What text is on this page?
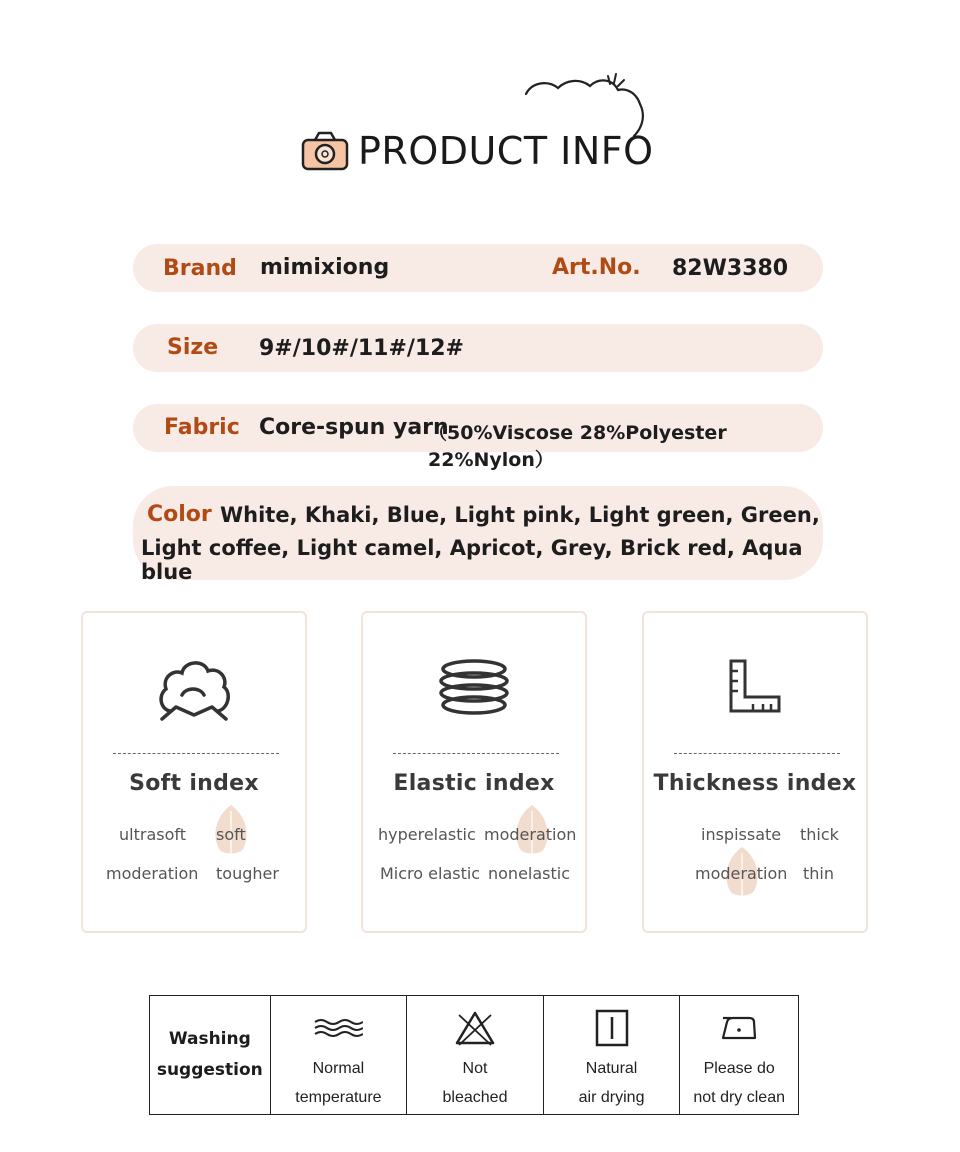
PRODUCT INFO
Brand mimixiong	Art.No. 82W3380
Size 9#/10#/11#/12#
Fabric Core-spun yarn
（50%Viscose 28%Polyester 22%Nylon）
Color White, Khaki, Blue, Light pink, Light green, Green,
Light coffee, Light camel, Apricot, Grey, Brick red, Aqua blue
Soft index
ultrasoft soft
moderation tougher
Elastic index
hyperelastic moderation
Micro elastic nonelastic
Thickness index
inspissate thick
moderation thin
Washing
suggestion	Normal
temperature
Not
bleached
Natural
air drying
Please do
not dry clean
